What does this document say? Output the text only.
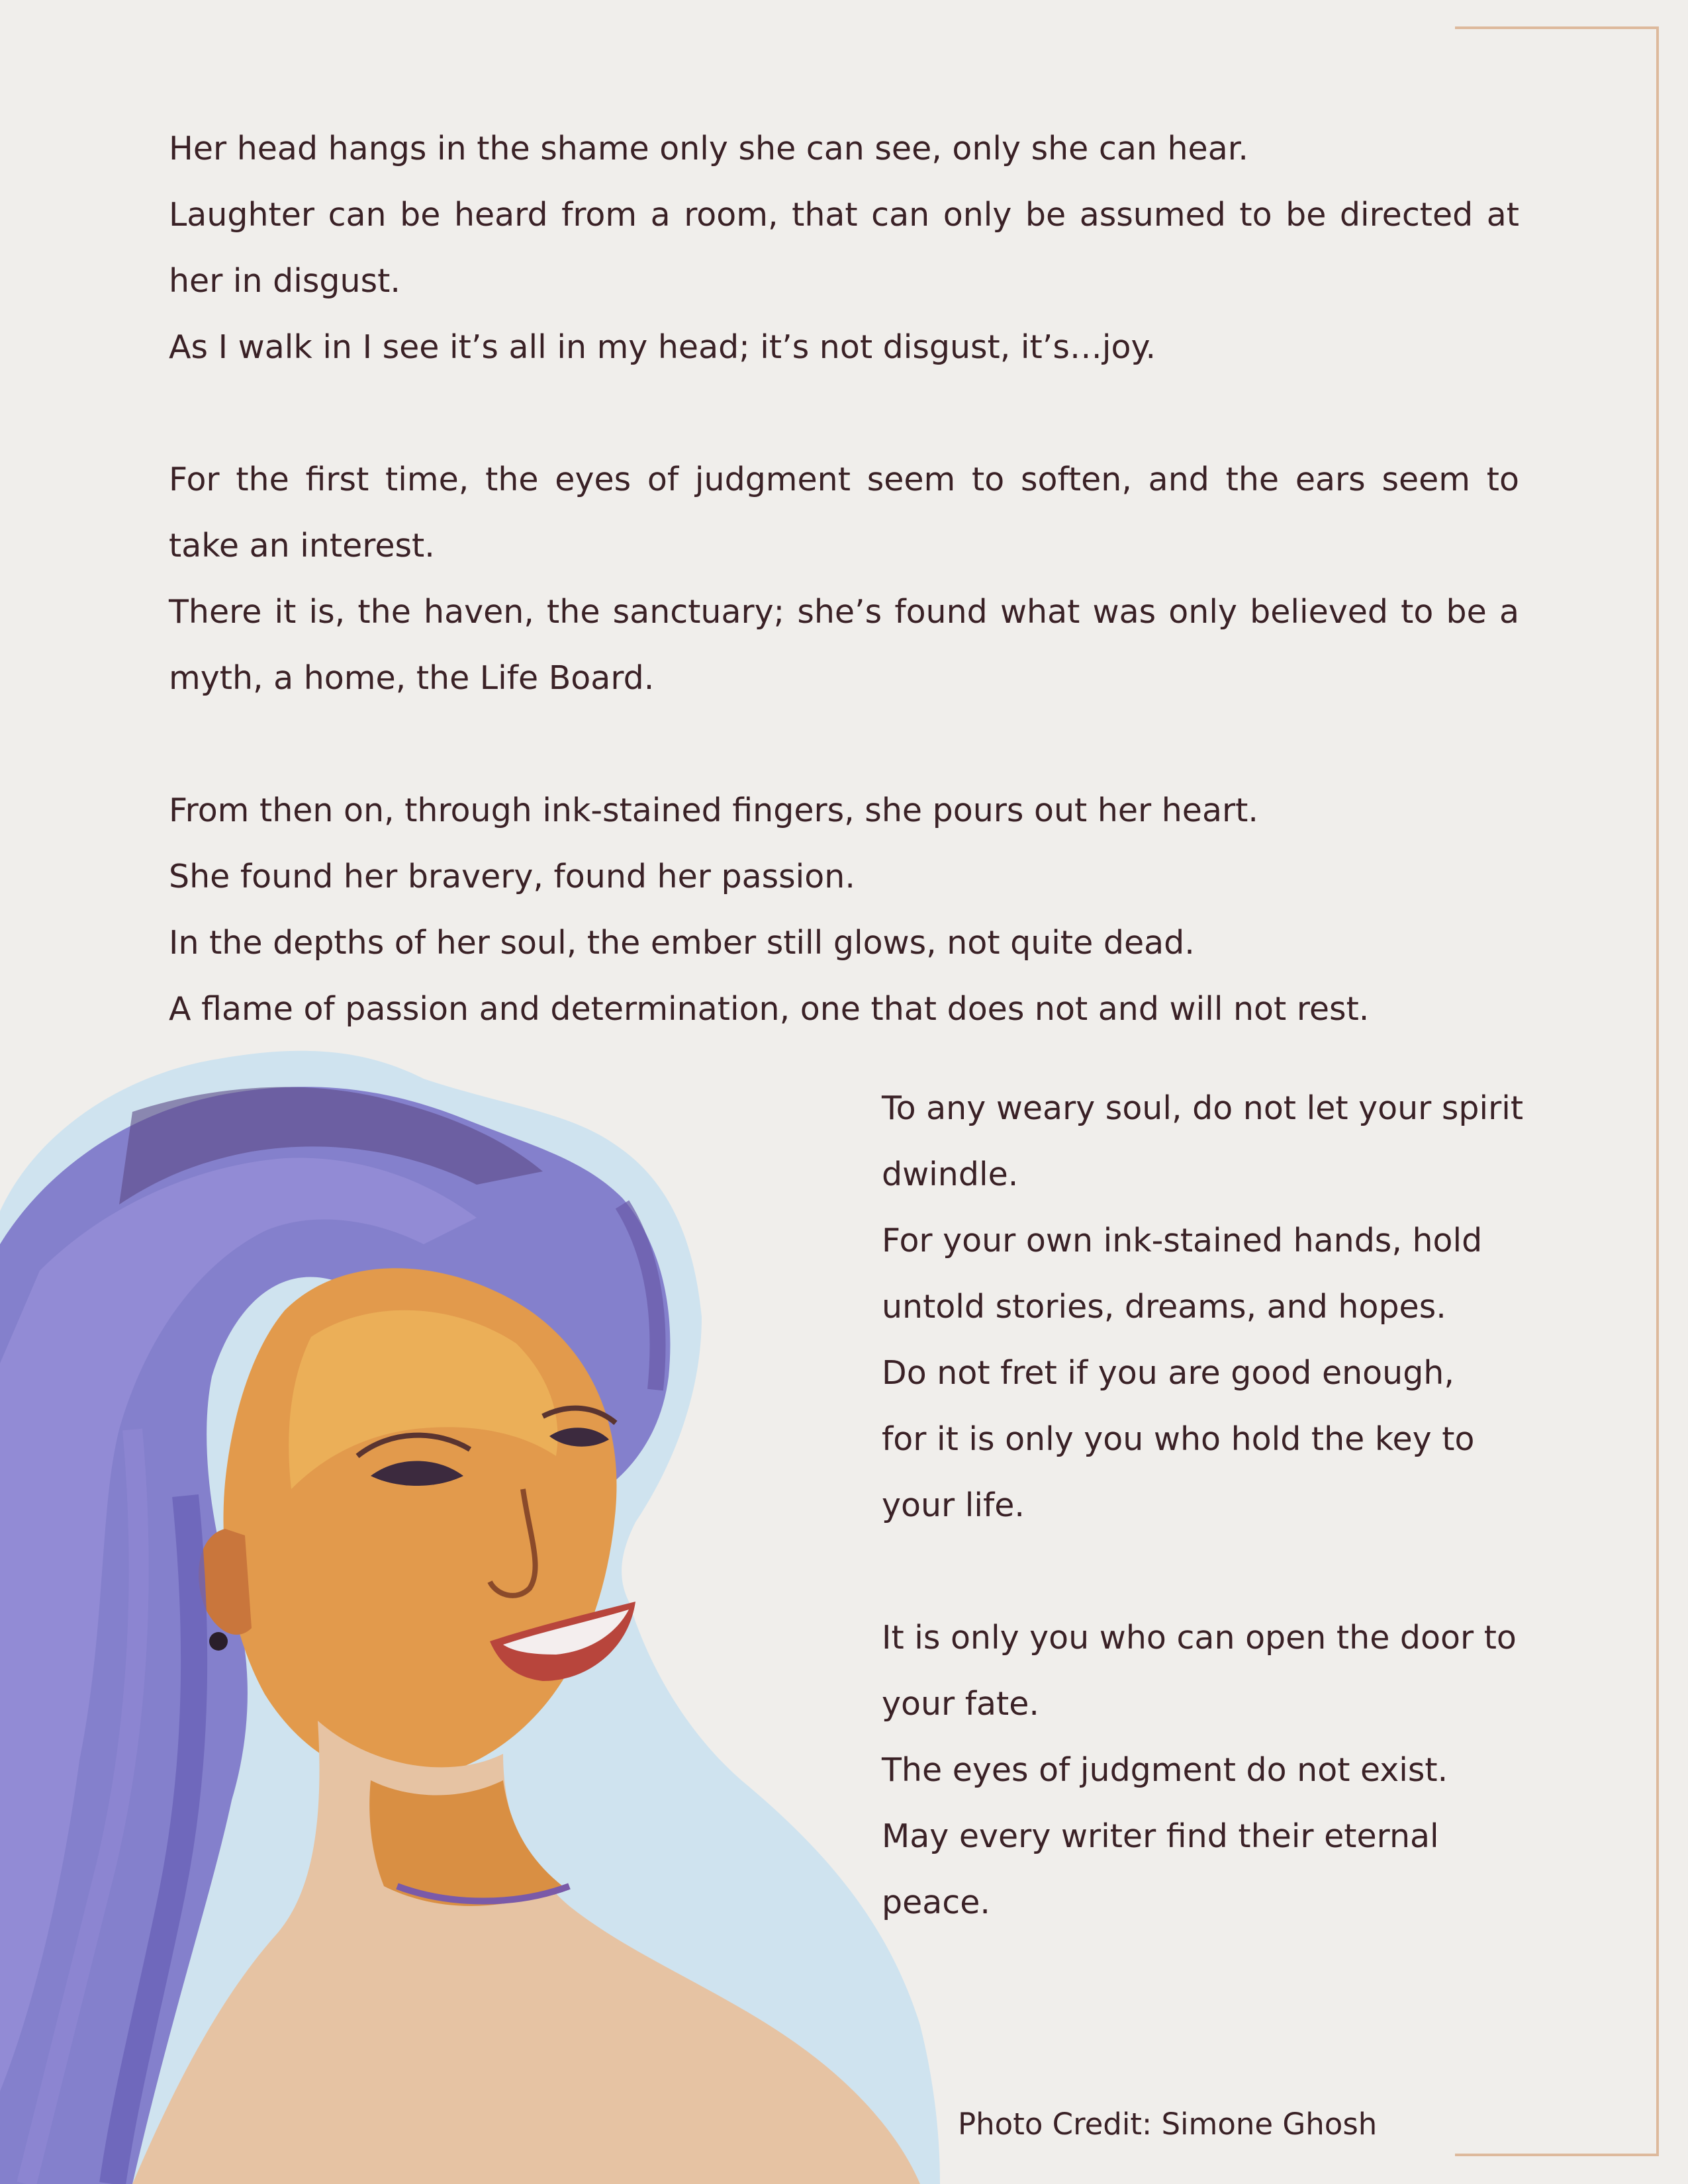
Her head hangs in the shame only she can see, only she can hear.
Laughter can be heard from a room, that can only be assumed to be directed at
her in disgust.
As I walk in I see it’s all in my head; it’s not disgust, it’s…joy.
For the first time, the eyes of judgment seem to soften, and the ears seem to
take an interest.
There it is, the haven, the sanctuary; she’s found what was only believed to be a
myth, a home, the Life Board.
From then on, through ink-stained fingers, she pours out her heart.
She found her bravery, found her passion.
In the depths of her soul, the ember still glows, not quite dead.
A flame of passion and determination, one that does not and will not rest.
To any weary soul, do not let your spirit
dwindle.
For your own ink-stained hands, hold
untold stories, dreams, and hopes.
Do not fret if you are good enough,
for it is only you who hold the key to
your life.
It is only you who can open the door to
your fate.
The eyes of judgment do not exist.
May every writer find their eternal
peace.
Photo Credit: Simone Ghosh
